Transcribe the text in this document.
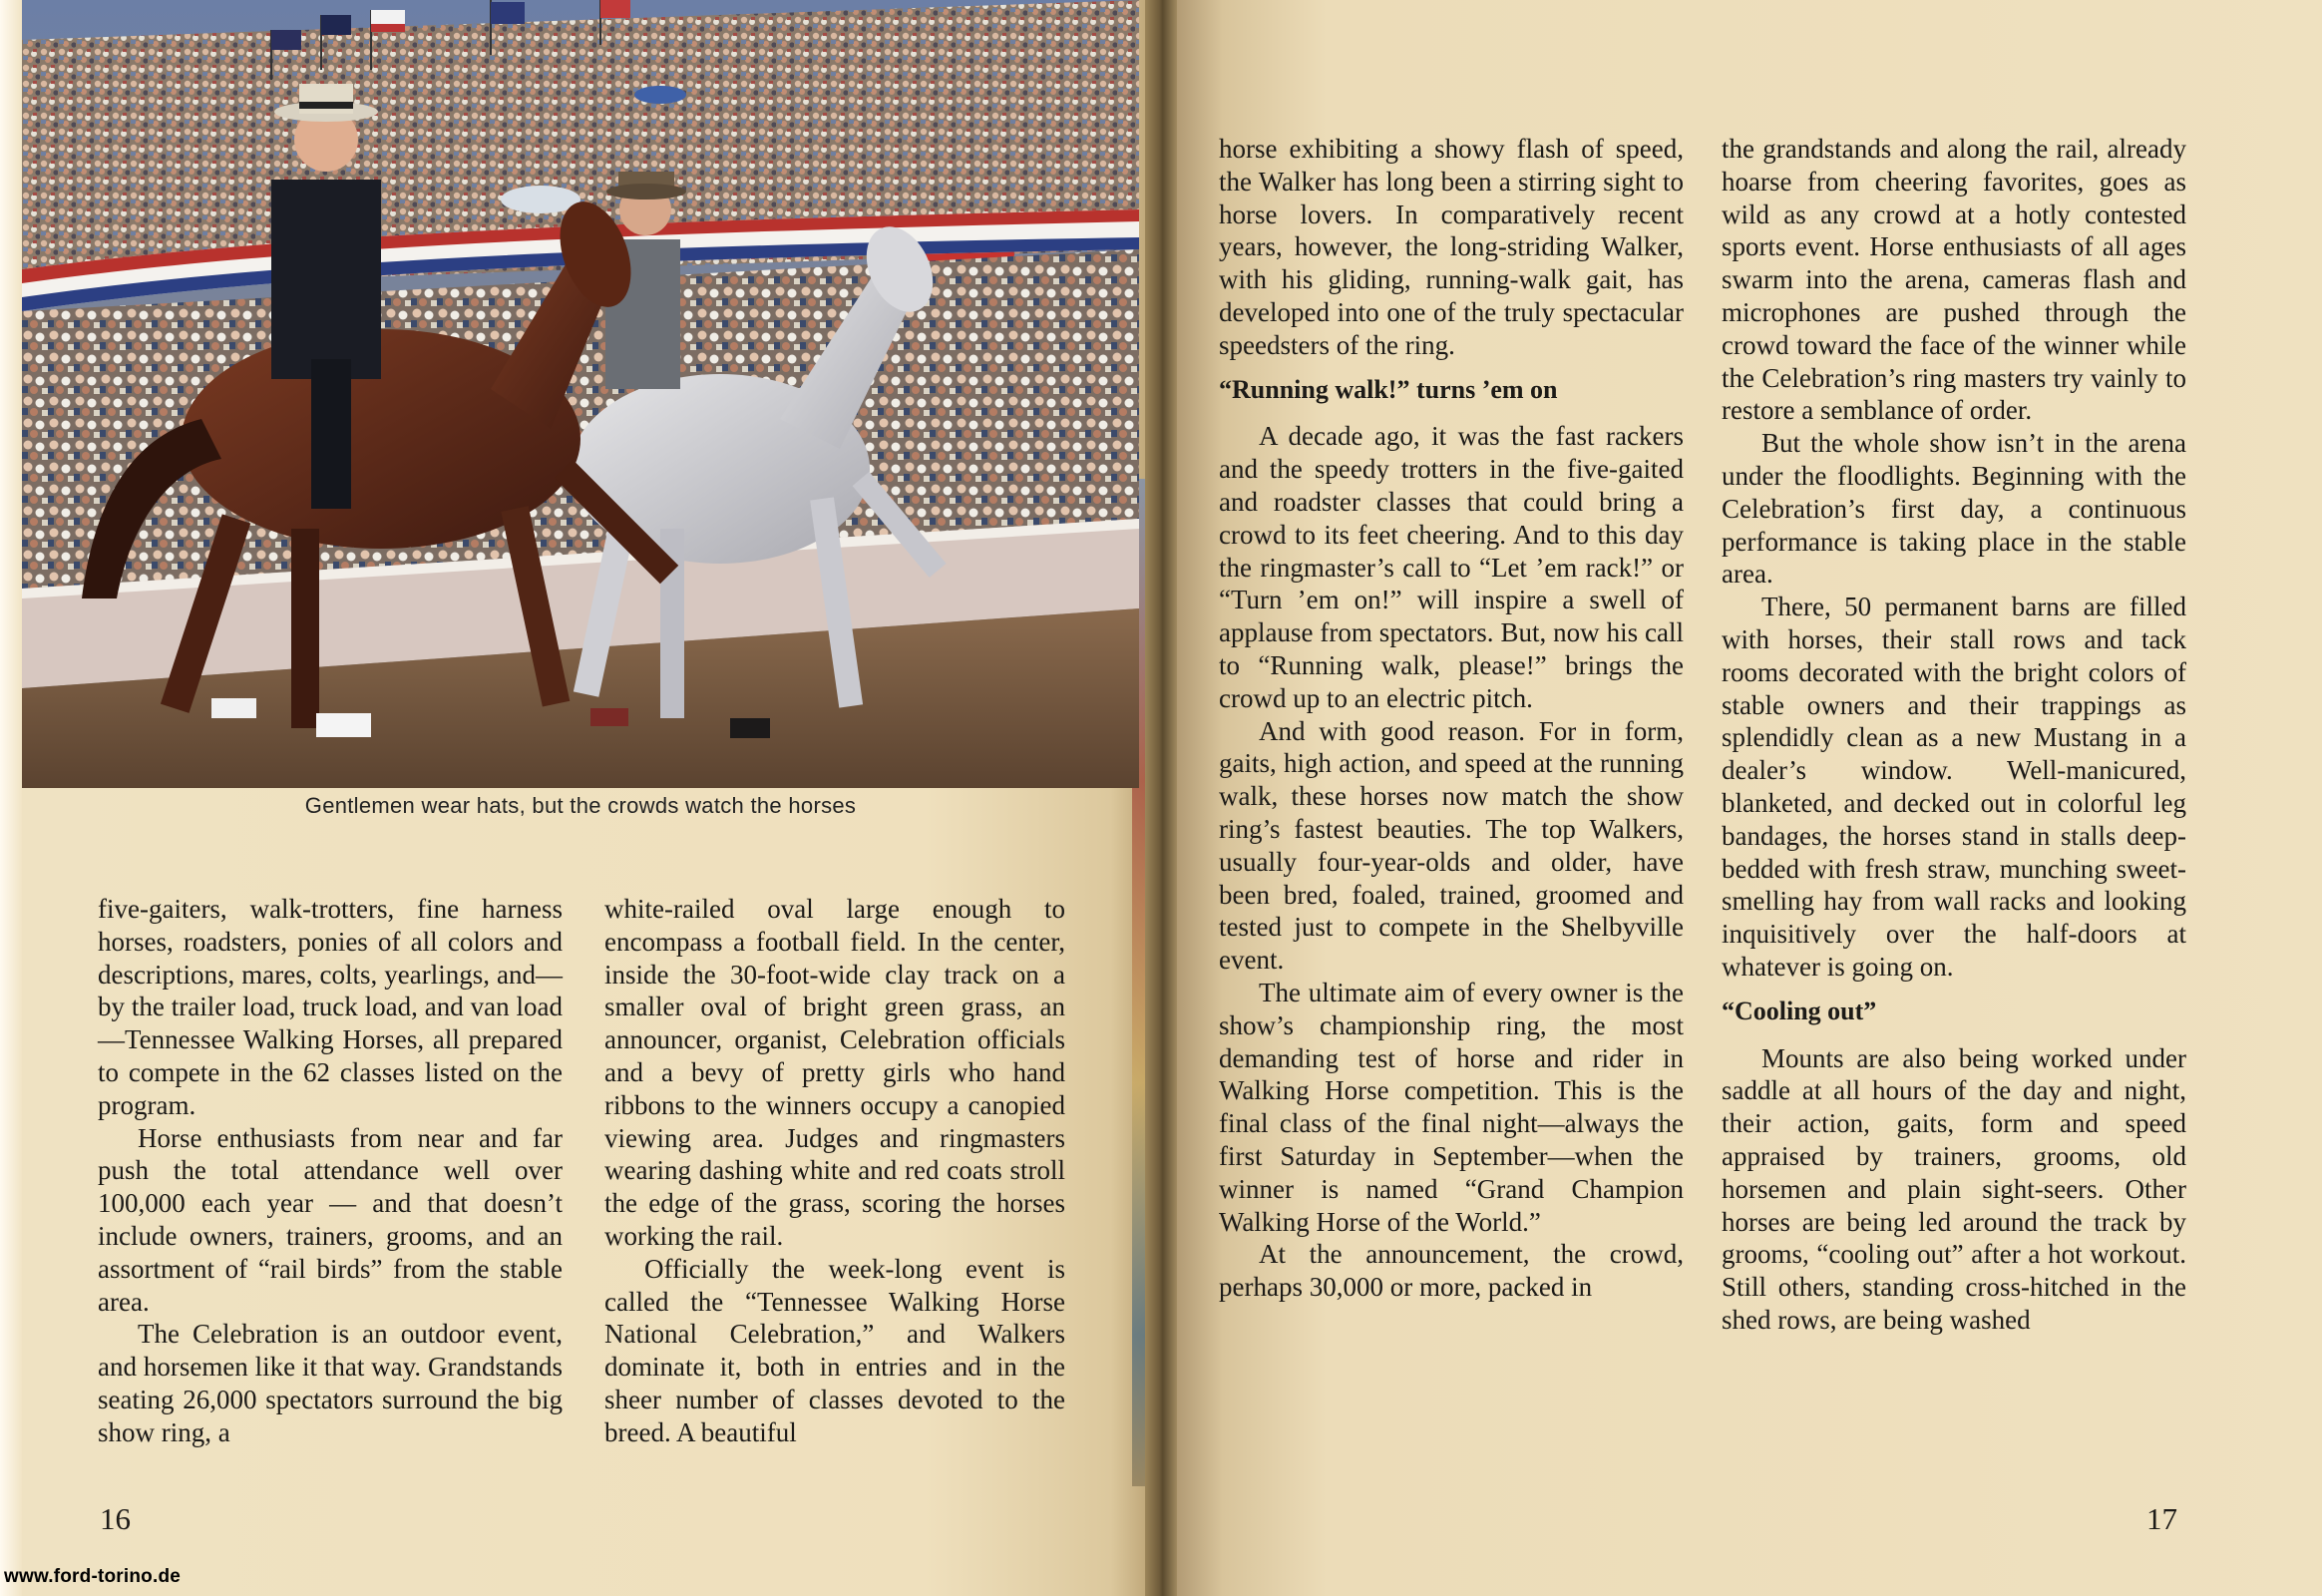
Gentlemen wear hats, but the crowds watch the horses

five-gaiters, walk-trotters, fine harness horses, roadsters, ponies of all colors and descriptions, mares, colts, yearlings, and—by the trailer load, truck load, and van load—Tennessee Walking Horses, all prepared to compete in the 62 classes listed on the program.

Horse enthusiasts from near and far push the total attendance well over 100,000 each year — and that doesn’t include owners, trainers, grooms, and an assortment of “rail birds” from the stable area.

The Celebration is an outdoor event, and horsemen like it that way. Grandstands seating 26,000 spectators surround the big show ring, a

white-railed oval large enough to encompass a football field. In the center, inside the 30-foot-wide clay track on a smaller oval of bright green grass, an announcer, organist, Celebration officials and a bevy of pretty girls who hand ribbons to the winners occupy a canopied viewing area. Judges and ringmasters wearing dashing white and red coats stroll the edge of the grass, scoring the horses working the rail.

Officially the week-long event is called the “Tennessee Walking Horse National Celebration,” and Walkers dominate it, both in entries and in the sheer number of classes devoted to the breed. A beautiful

horse exhibiting a showy flash of speed, the Walker has long been a stirring sight to horse lovers. In comparatively recent years, however, the long-striding Walker, with his gliding, running-walk gait, has developed into one of the truly spectacular speedsters of the ring.

“Running walk!” turns ’em on

A decade ago, it was the fast rackers and the speedy trotters in the five-gaited and roadster classes that could bring a crowd to its feet cheering. And to this day the ringmaster’s call to “Let ’em rack!” or “Turn ’em on!” will inspire a swell of applause from spectators. But, now his call to “Running walk, please!” brings the crowd up to an electric pitch.

And with good reason. For in form, gaits, high action, and speed at the running walk, these horses now match the show ring’s fastest beauties. The top Walkers, usually four-year-olds and older, have been bred, foaled, trained, groomed and tested just to compete in the Shelbyville event.

The ultimate aim of every owner is the show’s championship ring, the most demanding test of horse and rider in Walking Horse competition. This is the final class of the final night—always the first Saturday in September—when the winner is named “Grand Champion Walking Horse of the World.”

At the announcement, the crowd, perhaps 30,000 or more, packed in

the grandstands and along the rail, already hoarse from cheering favorites, goes as wild as any crowd at a hotly contested sports event. Horse enthusiasts of all ages swarm into the arena, cameras flash and microphones are pushed through the crowd toward the face of the winner while the Celebration’s ring masters try vainly to restore a semblance of order.

But the whole show isn’t in the arena under the floodlights. Beginning with the Celebration’s first day, a continuous performance is taking place in the stable area.

There, 50 permanent barns are filled with horses, their stall rows and tack rooms decorated with the bright colors of stable owners and their trappings as splendidly clean as a new Mustang in a dealer’s window. Well-manicured, blanketed, and decked out in colorful leg bandages, the horses stand in stalls deep-bedded with fresh straw, munching sweet-smelling hay from wall racks and looking inquisitively over the half-doors at whatever is going on.

“Cooling out”

Mounts are also being worked under saddle at all hours of the day and night, their action, gaits, form and speed appraised by trainers, grooms, old horsemen and plain sight-seers. Other horses are being led around the track by grooms, “cooling out” after a hot workout. Still others, standing cross-hitched in the shed rows, are being washed

16	17
www.ford-torino.de
